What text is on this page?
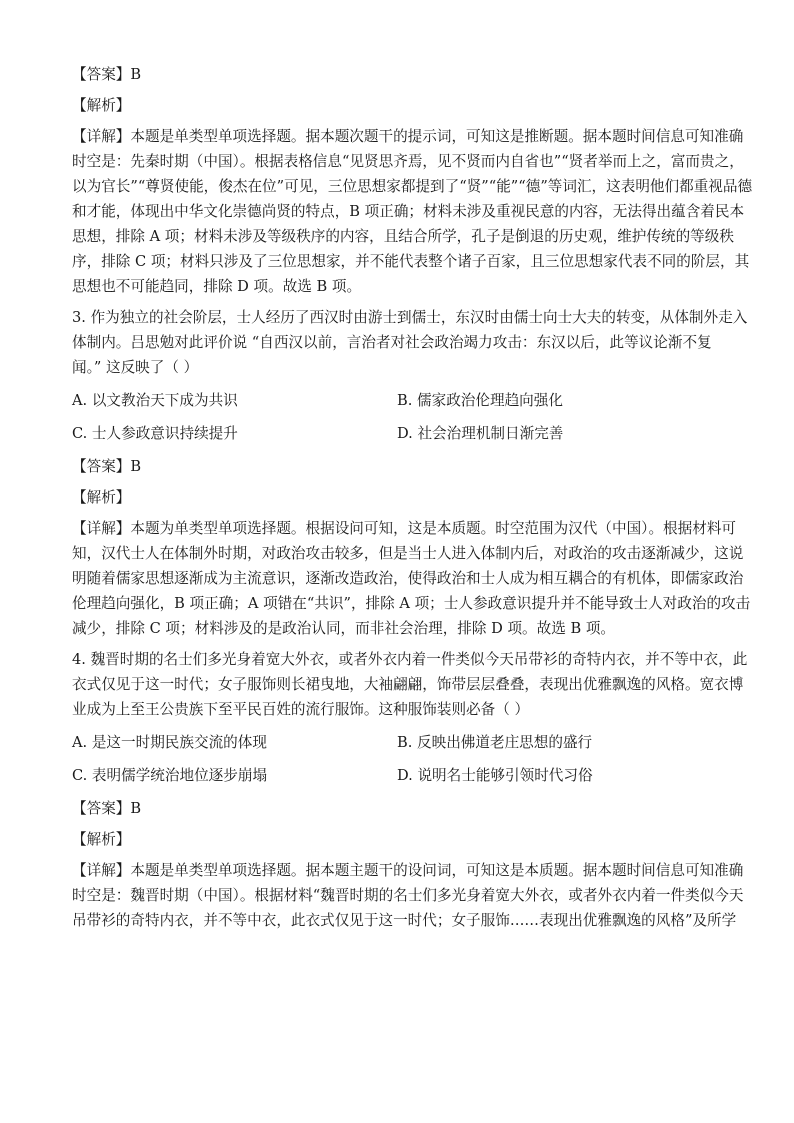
【答案】B

【解析】

【详解】本题是单类型单项选择题。据本题次题干的提示词，可知这是推断题。据本题时间信息可知准确

时空是：先秦时期（中国）。根据表格信息“见贤思齐焉，见不贤而内自省也”“贤者举而上之，富而贵之，

以为官长”“尊贤使能，俊杰在位”可见，三位思想家都提到了“贤”“能”“德”等词汇，这表明他们都重视品德

和才能，体现出中华文化崇德尚贤的特点，B 项正确；材料未涉及重视民意的内容，无法得出蕴含着民本

思想，排除 A 项；材料未涉及等级秩序的内容，且结合所学，孔子是倒退的历史观，维护传统的等级秩

序，排除 C 项；材料只涉及了三位思想家，并不能代表整个诸子百家，且三位思想家代表不同的阶层，其

思想也不可能趋同，排除 D 项。故选 B 项。

3. 作为独立的社会阶层，士人经历了西汉时由游士到儒士，东汉时由儒士向士大夫的转变，从体制外走入

体制内。吕思勉对此评价说 “自西汉以前，言治者对社会政治竭力攻击：东汉以后，此等议论渐不复

闻。” 这反映了（ ）

A. 以文教治天下成为共识	B. 儒家政治伦理趋向强化
C. 士人参政意识持续提升	D. 社会治理机制日渐完善

【答案】B

【解析】

【详解】本题为单类型单项选择题。根据设问可知，这是本质题。时空范围为汉代（中国）。根据材料可

知，汉代士人在体制外时期，对政治攻击较多，但是当士人进入体制内后，对政治的攻击逐渐减少，这说

明随着儒家思想逐渐成为主流意识，逐渐改造政治，使得政治和士人成为相互耦合的有机体，即儒家政治

伦理趋向强化，B 项正确；A 项错在“共识”，排除 A 项；士人参政意识提升并不能导致士人对政治的攻击

减少，排除 C 项；材料涉及的是政治认同，而非社会治理，排除 D 项。故选 B 项。

4. 魏晋时期的名士们多光身着宽大外衣，或者外衣内着一件类似今天吊带衫的奇特内衣，并不等中衣，此

衣式仅见于这一时代；女子服饰则长裙曳地，大袖翩翩，饰带层层叠叠，表现出优雅飘逸的风格。宽衣博

业成为上至王公贵族下至平民百姓的流行服饰。这种服饰装则必备（ ）

A. 是这一时期民族交流的体现	B. 反映出佛道老庄思想的盛行
C. 表明儒学统治地位逐步崩塌	D. 说明名士能够引领时代习俗

【答案】B

【解析】

【详解】本题是单类型单项选择题。据本题主题干的设问词，可知这是本质题。据本题时间信息可知准确

时空是：魏晋时期（中国）。根据材料“魏晋时期的名士们多光身着宽大外衣，或者外衣内着一件类似今天

吊带衫的奇特内衣，并不等中衣，此衣式仅见于这一时代；女子服饰……表现出优雅飘逸的风格”及所学
